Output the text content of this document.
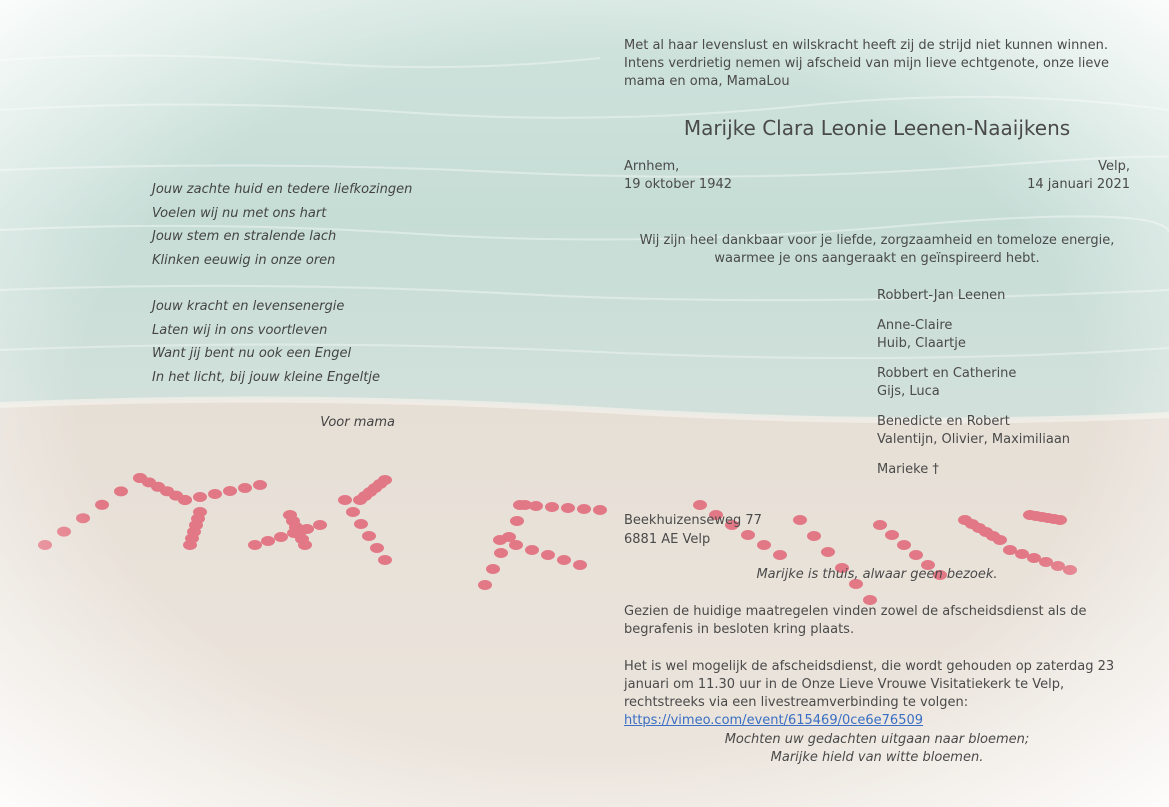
Jouw zachte huid en tedere liefkozingen

Voelen wij nu met ons hart

Jouw stem en stralende lach

Klinken eeuwig in onze oren

Jouw kracht en levensenergie

Laten wij in ons voortleven

Want jij bent nu ook een Engel

In het licht, bij jouw kleine Engeltje

Voor mama

Met al haar levenslust en wilskracht heeft zij de strijd niet kunnen winnen. Intens verdrietig nemen wij afscheid van mijn lieve echtgenote, onze lieve mama en oma, MamaLou

Marijke Clara Leonie Leenen-Naaijkens
Arnhem,
19 oktober 1942
Velp,
14 januari 2021
Wij zijn heel dankbaar voor je liefde, zorgzaamheid en tomeloze energie,
waarmee je ons aangeraakt en geïnspireerd hebt.

Robbert-Jan Leenen

Anne-Claire

Huib, Claartje

Robbert en Catherine

Gijs, Luca

Benedicte en Robert

Valentijn, Olivier, Maximiliaan

Marieke †

Beekhuizenseweg 77
6881 AE Velp
Marijke is thuis, alwaar geen bezoek.

Gezien de huidige maatregelen vinden zowel de afscheidsdienst als de begrafenis in besloten kring plaats.

Het is wel mogelijk de afscheidsdienst, die wordt gehouden op zaterdag 23 januari om 11.30 uur in de Onze Lieve Vrouwe Visitatiekerk te Velp, rechtstreeks via een livestreamverbinding te volgen: https://vimeo.com/event/615469/0ce6e76509

Mochten uw gedachten uitgaan naar bloemen;
Marijke hield van witte bloemen.
